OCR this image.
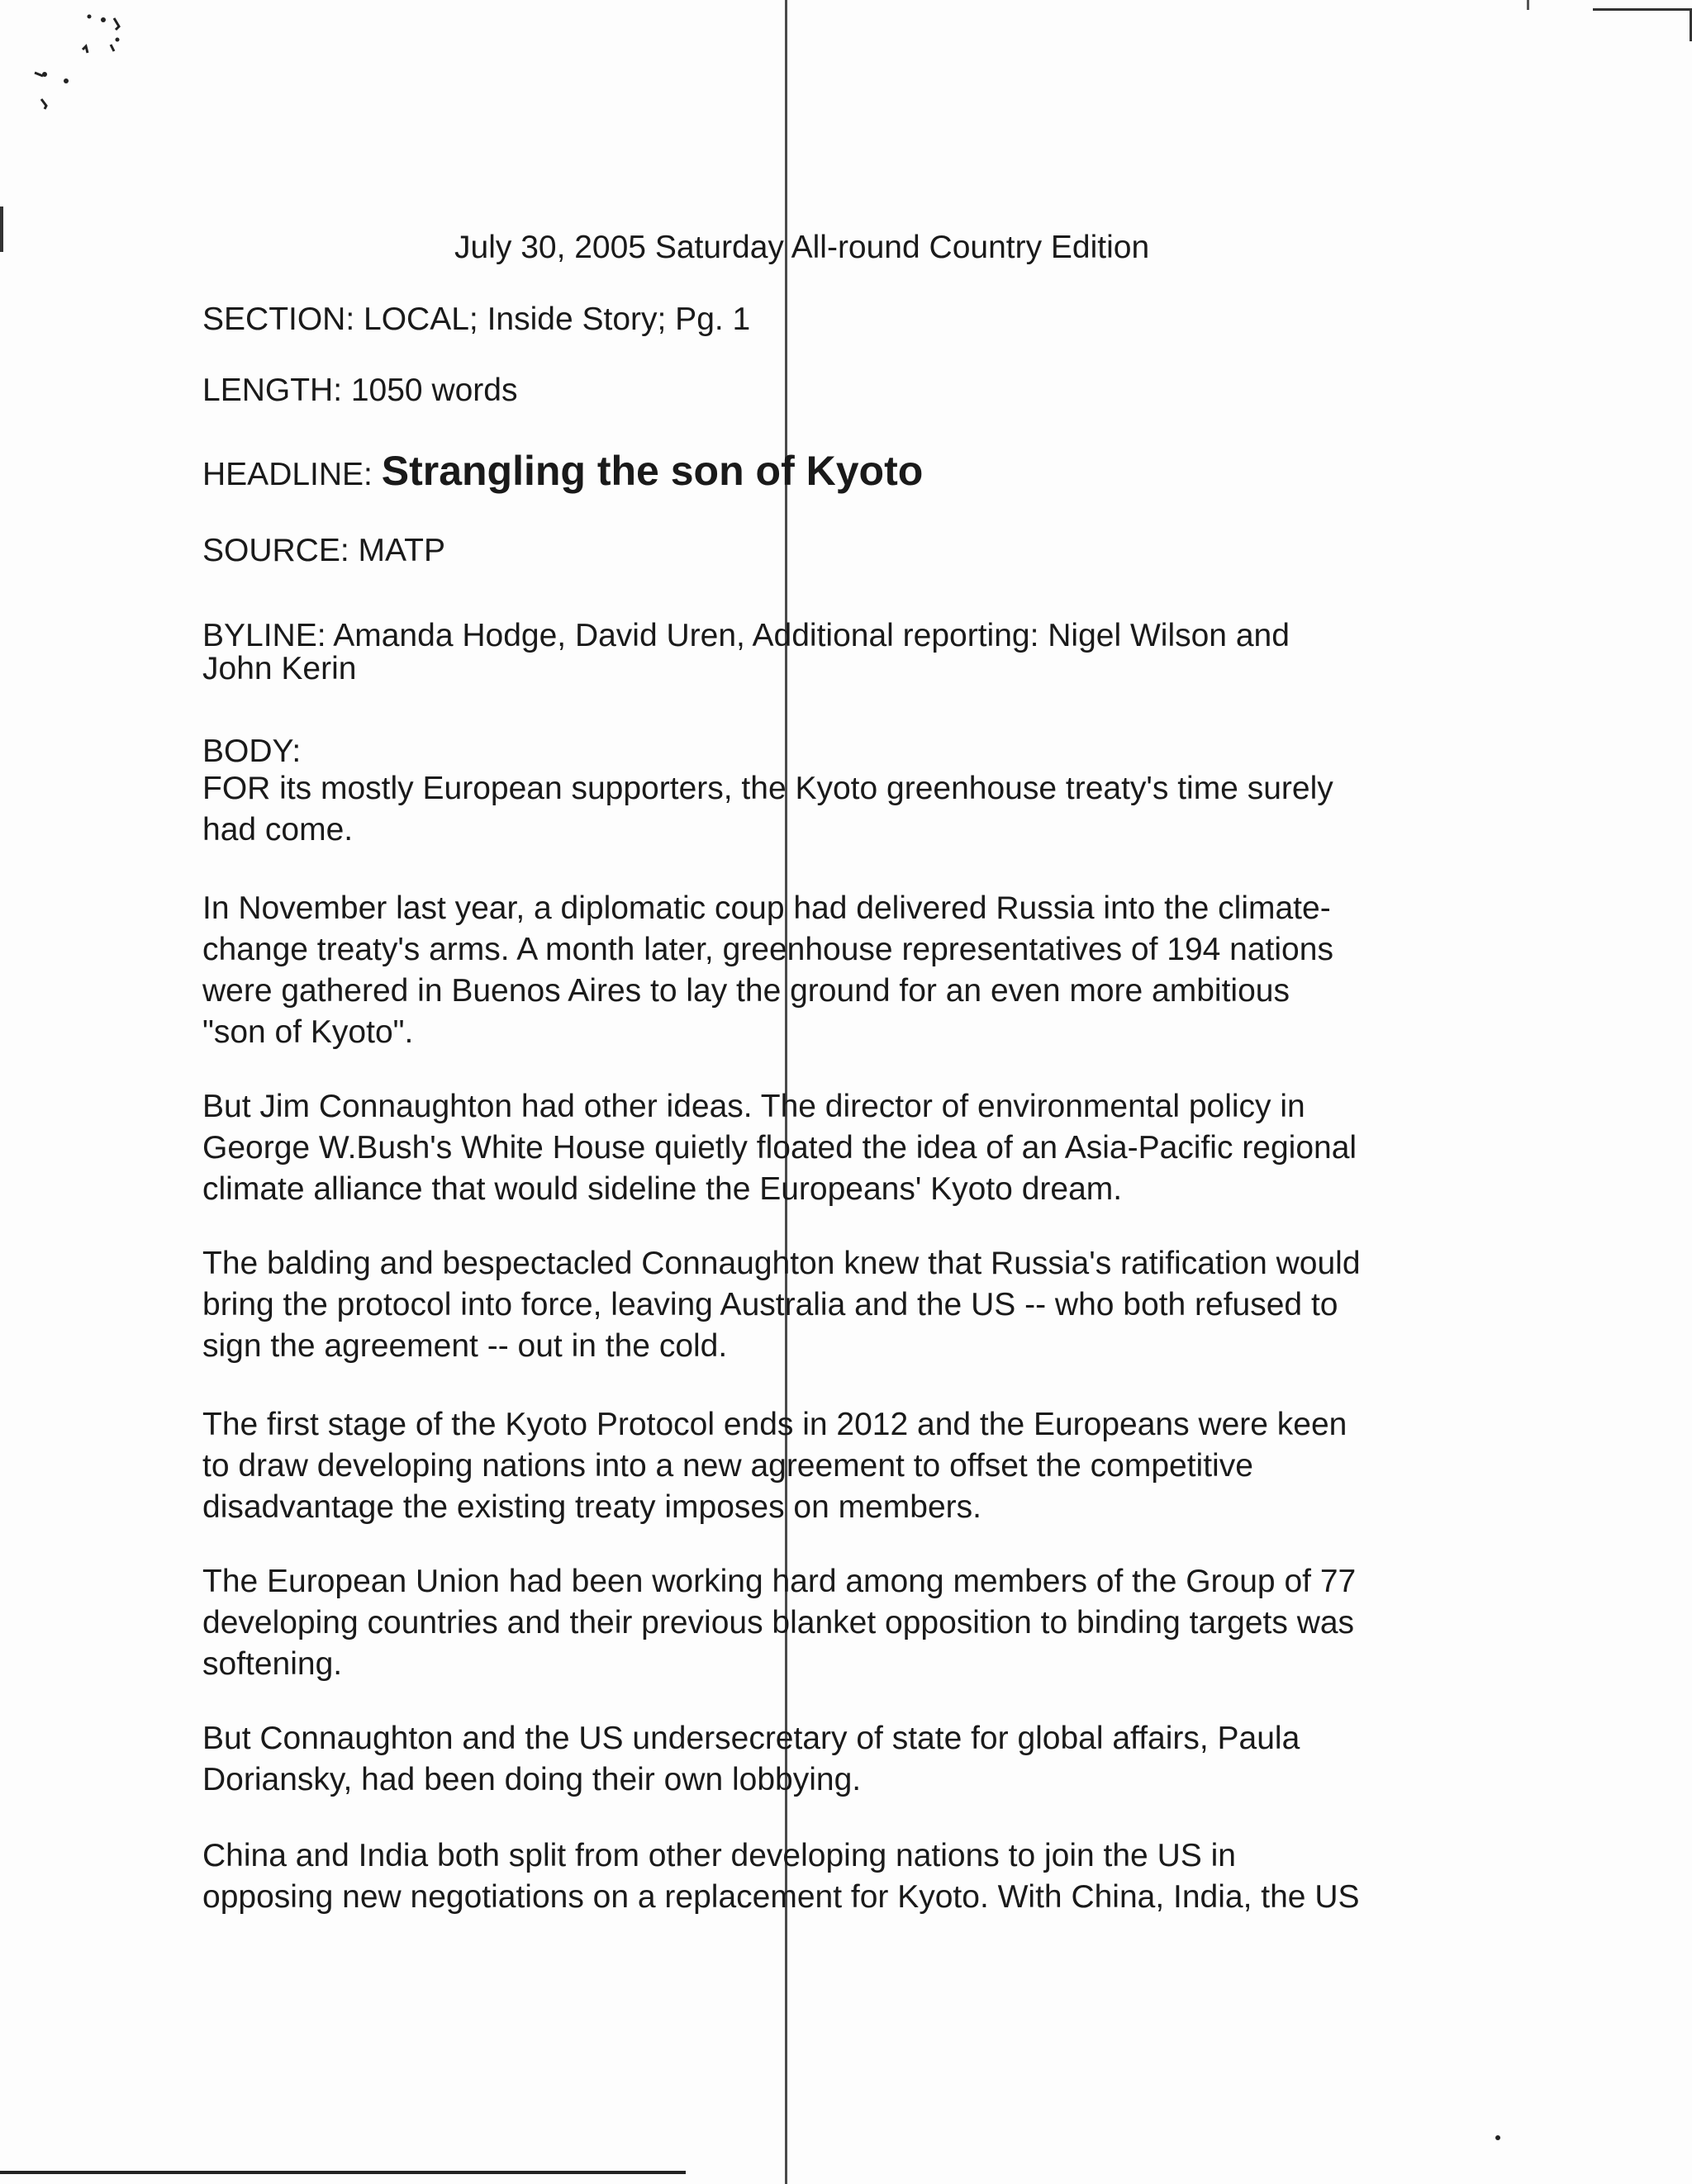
July 30, 2005 Saturday All-round Country Edition
SECTION: LOCAL; Inside Story; Pg. 1
LENGTH: 1050 words
HEADLINE: Strangling the son of Kyoto
SOURCE: MATP
BYLINE: Amanda Hodge, David Uren, Additional reporting: Nigel Wilson and
John Kerin
BODY:
FOR its mostly European supporters, the Kyoto greenhouse treaty's time surely
had come.
In November last year, a diplomatic coup had delivered Russia into the climate-
change treaty's arms. A month later, greenhouse representatives of 194 nations
were gathered in Buenos Aires to lay the ground for an even more ambitious
"son of Kyoto".
But Jim Connaughton had other ideas. The director of environmental policy in
George W.Bush's White House quietly floated the idea of an Asia-Pacific regional
climate alliance that would sideline the Europeans' Kyoto dream.
The balding and bespectacled Connaughton knew that Russia's ratification would
bring the protocol into force, leaving Australia and the US -- who both refused to
sign the agreement -- out in the cold.
The first stage of the Kyoto Protocol ends in 2012 and the Europeans were keen
to draw developing nations into a new agreement to offset the competitive
disadvantage the existing treaty imposes on members.
The European Union had been working hard among members of the Group of 77
developing countries and their previous blanket opposition to binding targets was
softening.
But Connaughton and the US undersecretary of state for global affairs, Paula
Doriansky, had been doing their own lobbying.
China and India both split from other developing nations to join the US in
opposing new negotiations on a replacement for Kyoto. With China, India, the US
